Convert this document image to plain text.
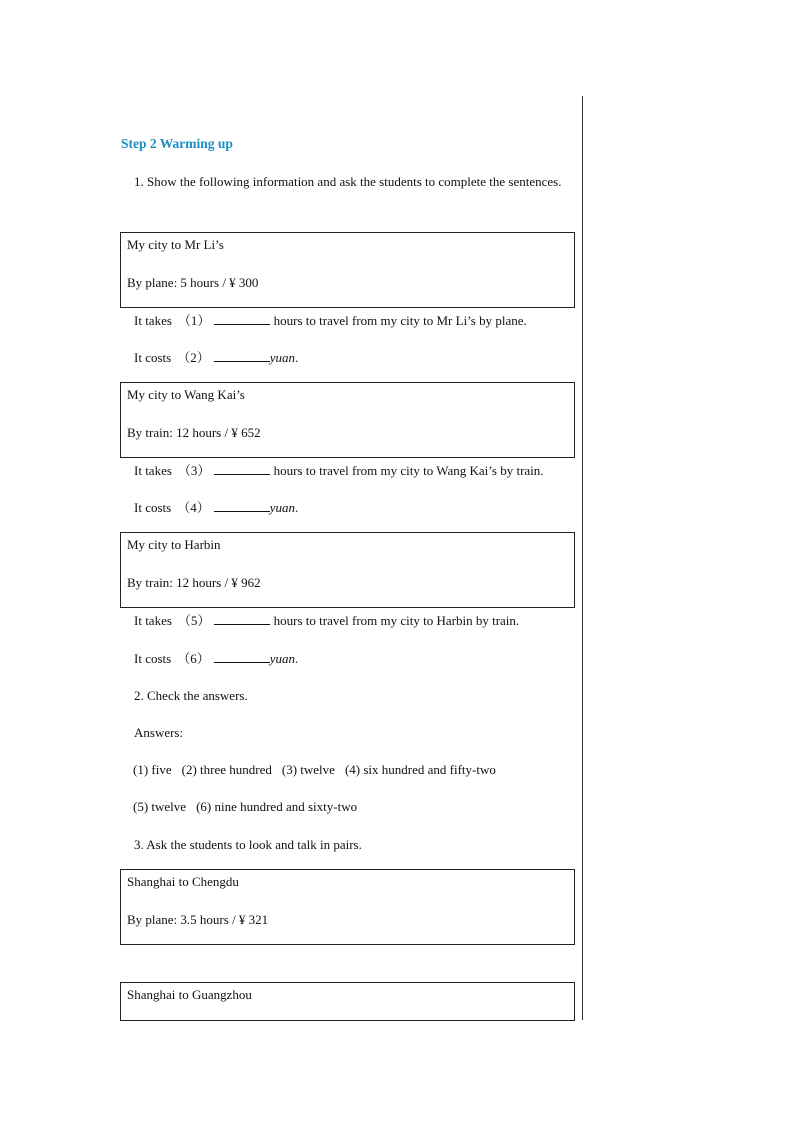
Step 2 Warming up
1. Show the following information and ask the students to complete the sentences.
My city to Mr Li’s
By plane: 5 hours / ¥ 300
It takes （1）	hours to travel from my city to Mr Li’s by plane.
It costs （2）	yuan.
My city to Wang Kai’s
By train: 12 hours / ¥ 652
It takes （3）	hours to travel from my city to Wang Kai’s by train.
It costs （4）	yuan.
My city to Harbin
By train: 12 hours / ¥ 962
It takes （5）	hours to travel from my city to Harbin by train.
It costs （6）	yuan.
2. Check the answers.
Answers:
(1) five (2) three hundred (3) twelve (4) six hundred and fifty-two
(5) twelve (6) nine hundred and sixty-two
3. Ask the students to look and talk in pairs.
Shanghai to Chengdu
By plane: 3.5 hours / ¥ 321
Shanghai to Guangzhou
